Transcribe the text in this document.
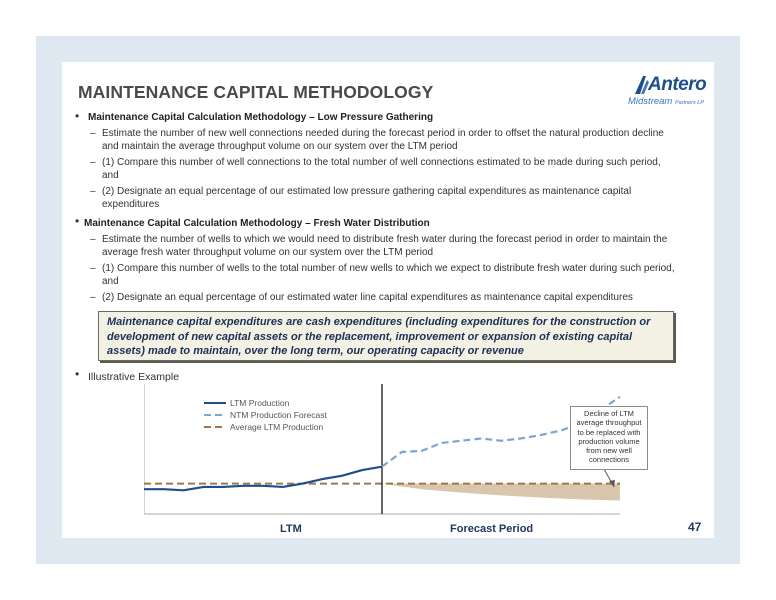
MAINTENANCE CAPITAL METHODOLOGY	Antero
Midstream Partners LP
• Maintenance Capital Calculation Methodology – Low Pressure Gathering
– Estimate the number of new well connections needed during the forecast period in order to offset the natural production decline and maintain the average throughput volume on our system over the LTM period
– (1) Compare this number of well connections to the total number of well connections estimated to be made during such period, and
– (2) Designate an equal percentage of our estimated low pressure gathering capital expenditures as maintenance capital expenditures
• Maintenance Capital Calculation Methodology – Fresh Water Distribution
– Estimate the number of wells to which we would need to distribute fresh water during the forecast period in order to maintain the average fresh water throughput volume on our system over the LTM period
– (1) Compare this number of wells to the total number of new wells to which we expect to distribute fresh water during such period, and
– (2) Designate an equal percentage of our estimated water line capital expenditures as maintenance capital expenditures
Maintenance capital expenditures are cash expenditures (including expenditures for the construction or development of new capital assets or the replacement, improvement or expansion of existing capital assets) made to maintain, over the long term, our operating capacity or revenue
• Illustrative Example
LTM Production
NTM Production Forecast
Average LTM Production
LTM	Forecast Period
Decline of LTM average throughput to be replaced with production volume from new well connections
47
